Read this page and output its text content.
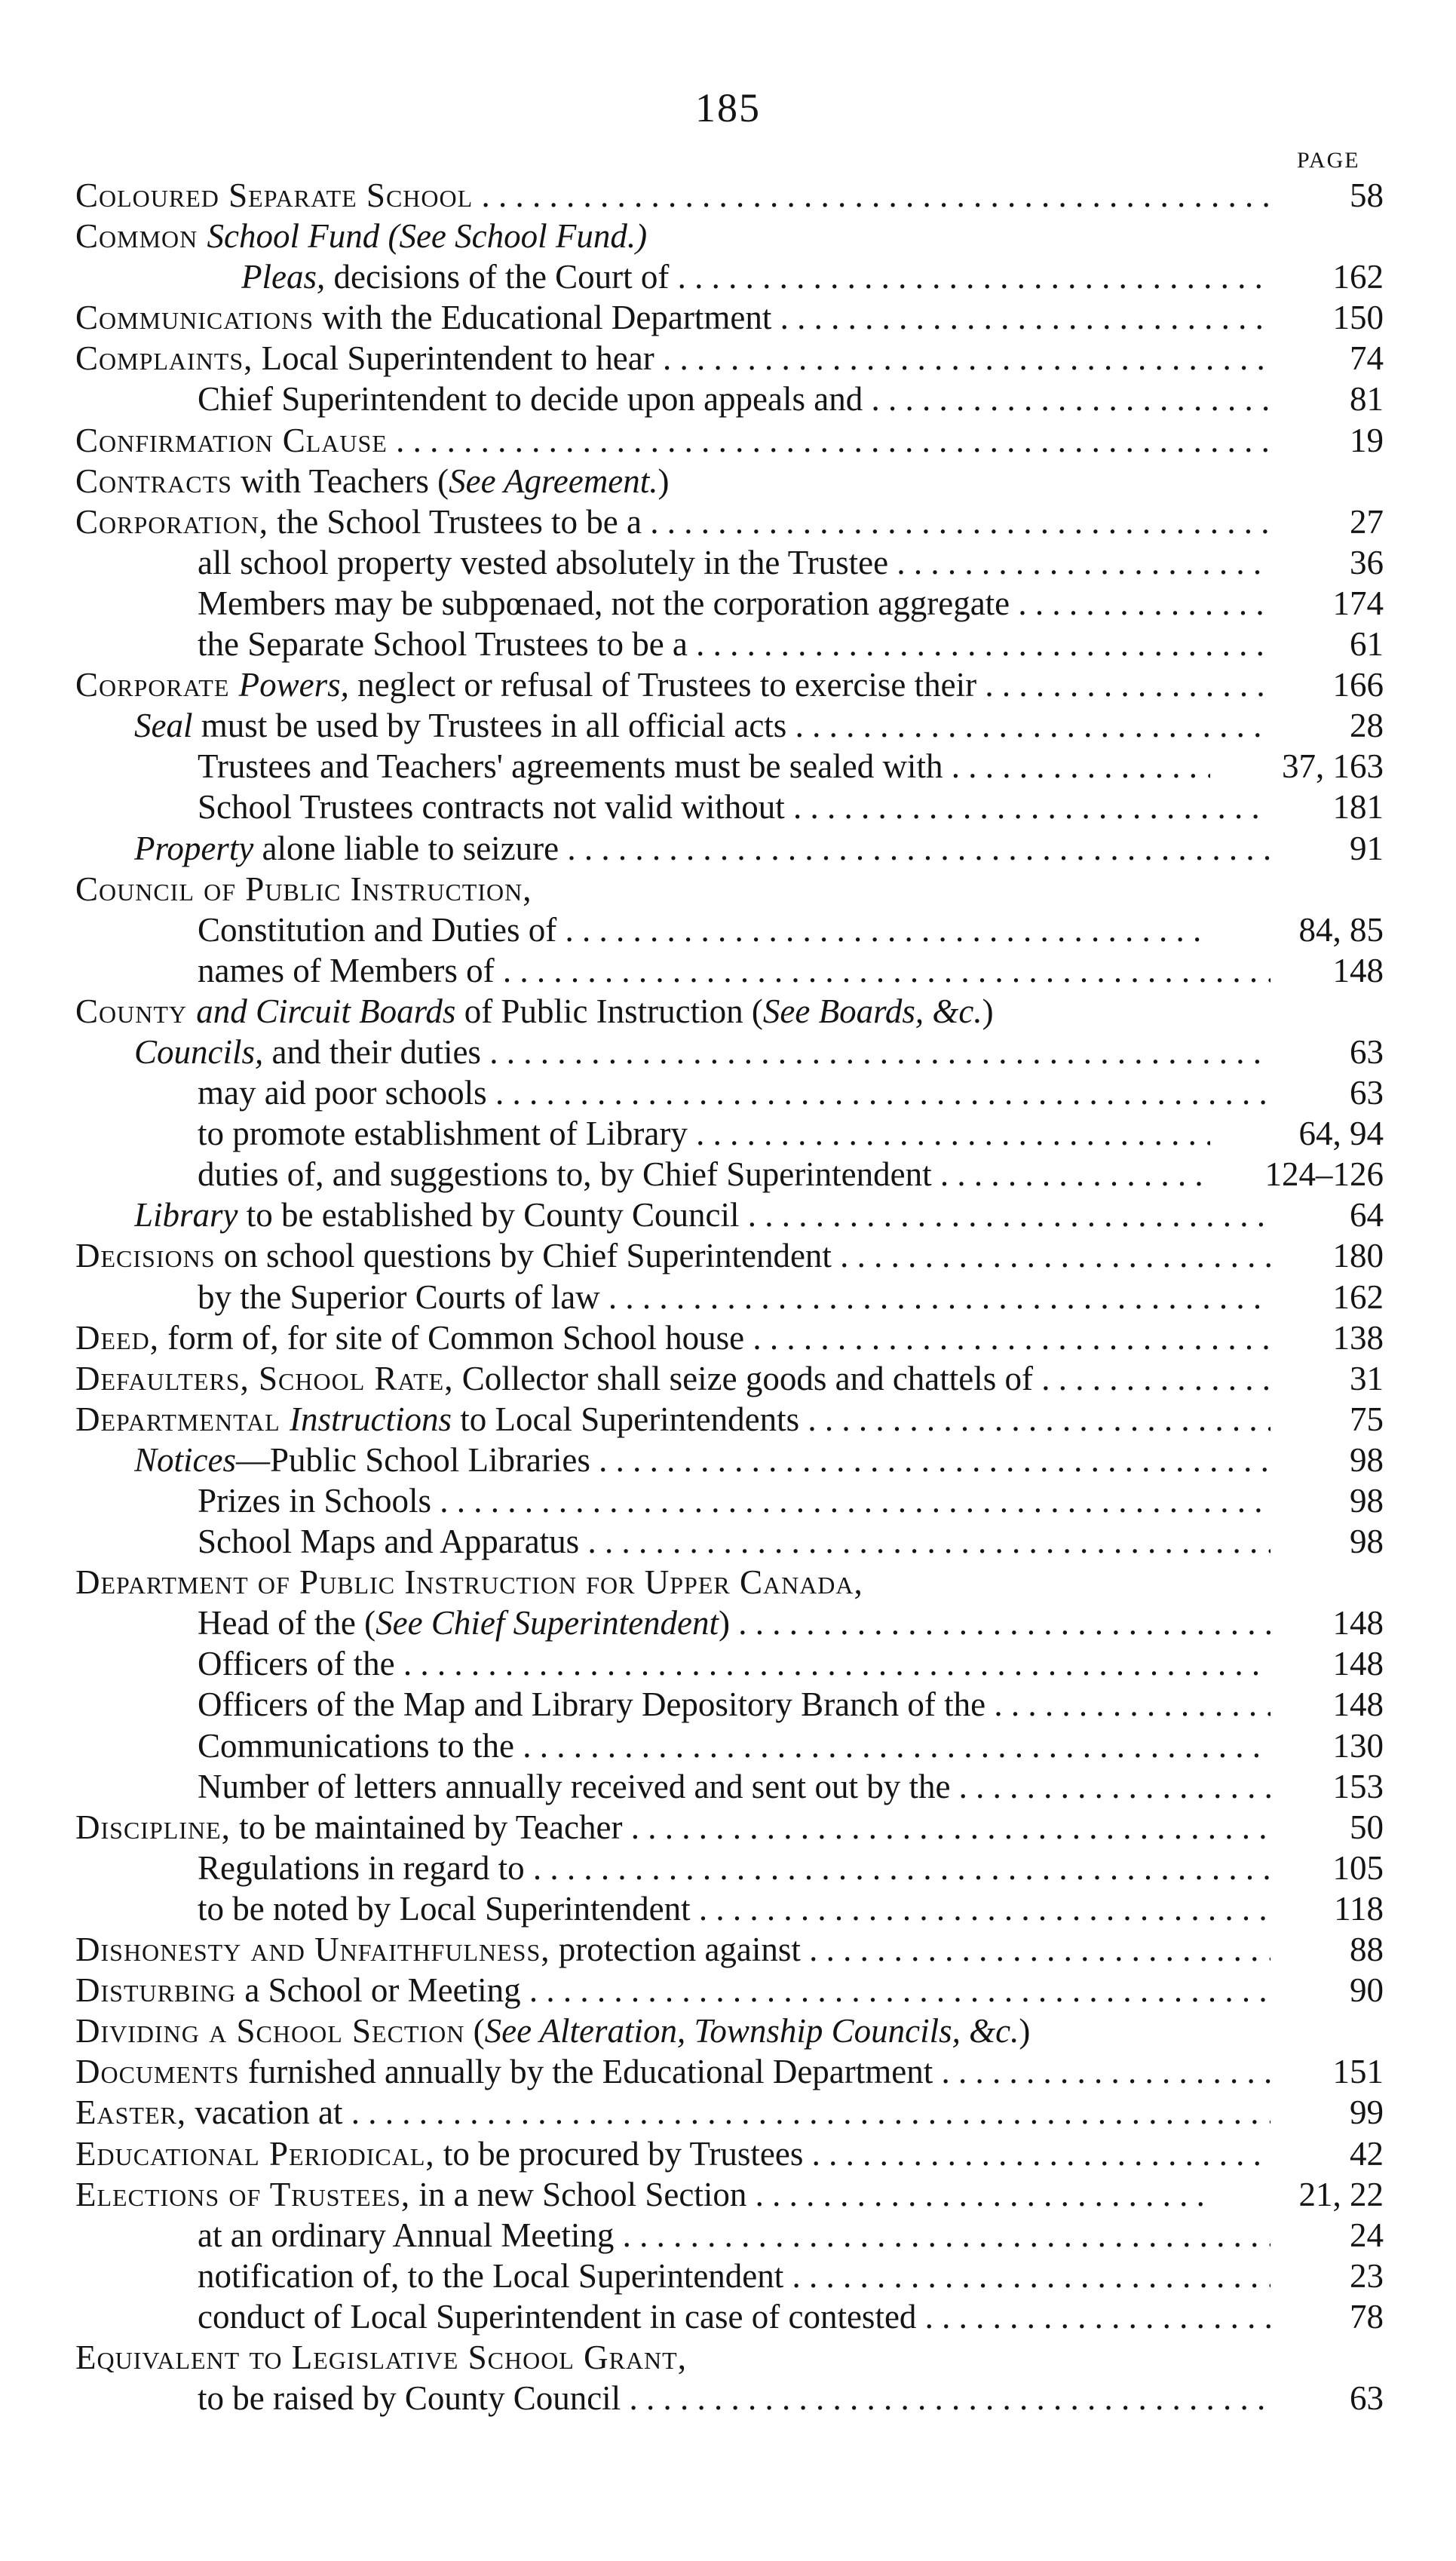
185
PAGE
Coloured Separate School . . .	58
Common School Fund (See School Fund.)
Pleas, decisions of the Court of . . .	162
Communications with the Educational Department . . .	150
Complaints, Local Superintendent to hear . . .	74
Chief Superintendent to decide upon appeals and . . .	81
Confirmation Clause . . .	19
Contracts with Teachers (See Agreement.)
Corporation, the School Trustees to be a . . .	27
all school property vested absolutely in the Trustee . . .	36
Members may be subpœnaed, not the corporation aggregate . . .	174
the Separate School Trustees to be a . . .	61
Corporate Powers, neglect or refusal of Trustees to exercise their . . .	166
Seal must be used by Trustees in all official acts . . .	28
Trustees and Teachers' agreements must be sealed with . . .	37, 163
School Trustees contracts not valid without . . .	181
Property alone liable to seizure . . .	91
Council of Public Instruction,
Constitution and Duties of . . .	84, 85
names of Members of . . .	148
County and Circuit Boards of Public Instruction (See Boards, &c.)
Councils, and their duties . . .	63
may aid poor schools . . .	63
to promote establishment of Library . . .	64, 94
duties of, and suggestions to, by Chief Superintendent . . .	124–126
Library to be established by County Council . . .	64
Decisions on school questions by Chief Superintendent . . .	180
by the Superior Courts of law . . .	162
Deed, form of, for site of Common School house . . .	138
Defaulters, School Rate, Collector shall seize goods and chattels of . . .	31
Departmental Instructions to Local Superintendents . . .	75
Notices—Public School Libraries . . .	98
Prizes in Schools . . .	98
School Maps and Apparatus . . .	98
Department of Public Instruction for Upper Canada,
Head of the (See Chief Superintendent) . . .	148
Officers of the . . .	148
Officers of the Map and Library Depository Branch of the . . .	148
Communications to the . . .	130
Number of letters annually received and sent out by the . . .	153
Discipline, to be maintained by Teacher . . .	50
Regulations in regard to . . .	105
to be noted by Local Superintendent . . .	118
Dishonesty and Unfaithfulness, protection against . . .	88
Disturbing a School or Meeting . . .	90
Dividing a School Section (See Alteration, Township Councils, &c.)
Documents furnished annually by the Educational Department . . .	151
Easter, vacation at . . .	99
Educational Periodical, to be procured by Trustees . . .	42
Elections of Trustees, in a new School Section . . .	21, 22
at an ordinary Annual Meeting . . .	24
notification of, to the Local Superintendent . . .	23
conduct of Local Superintendent in case of contested . . .	78
Equivalent to Legislative School Grant,
to be raised by County Council . . .	63
